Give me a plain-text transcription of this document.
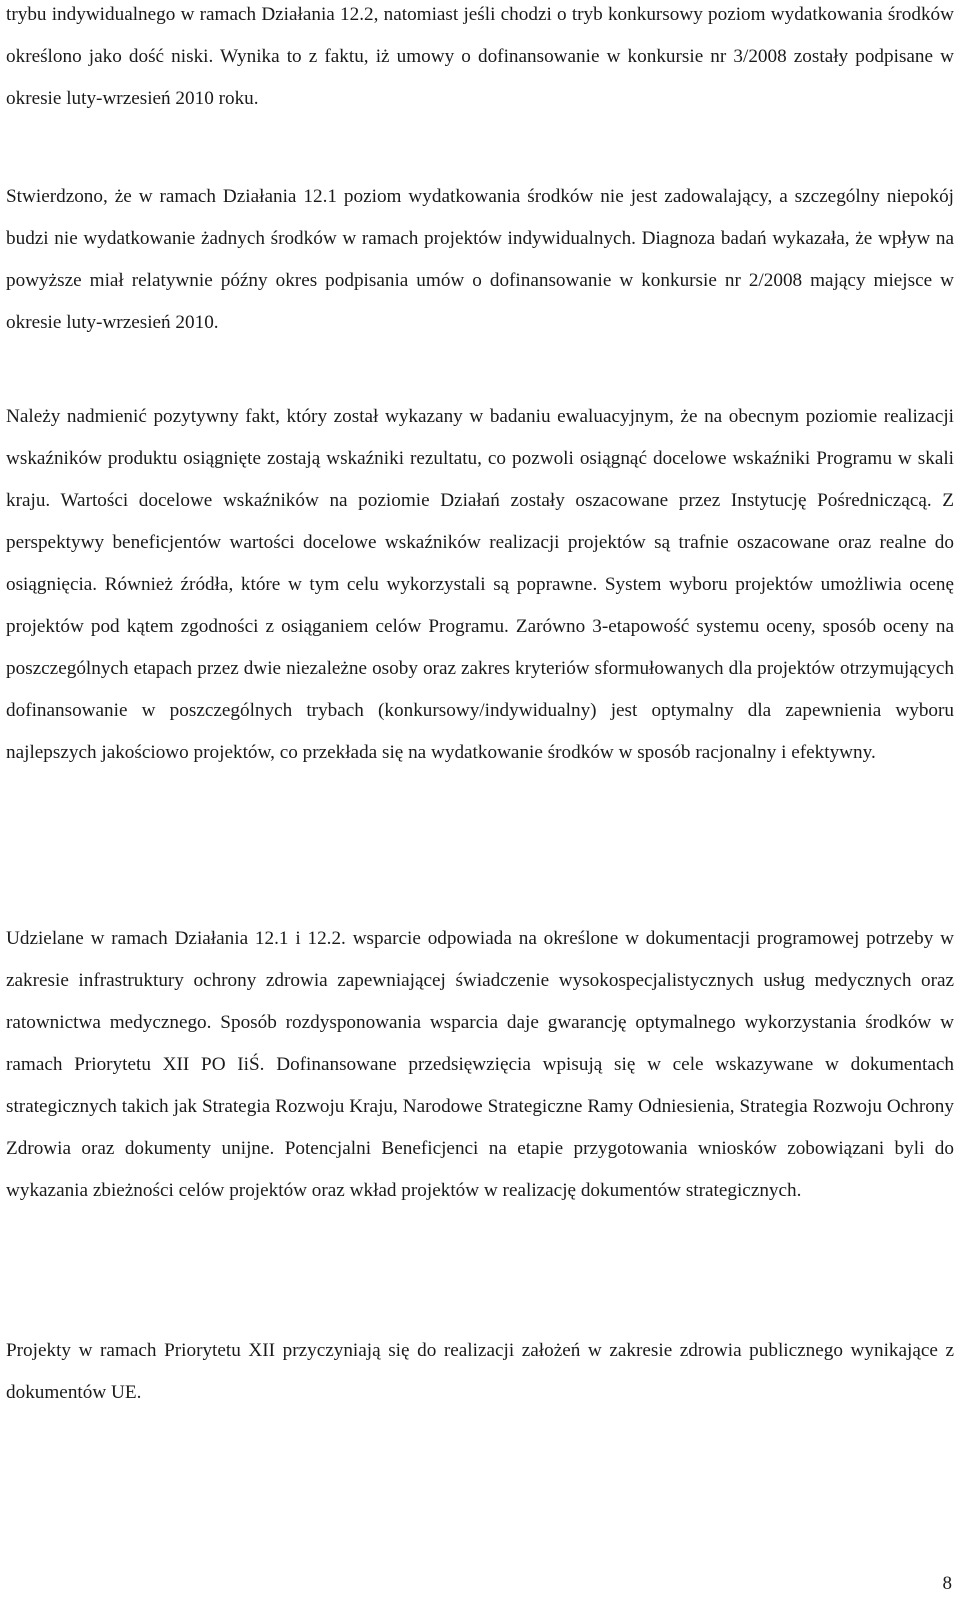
trybu indywidualnego w ramach Działania 12.2, natomiast jeśli chodzi o tryb konkursowy poziom wydatkowania środków określono jako dość niski. Wynika to z faktu, iż umowy o dofinansowanie w konkursie nr 3/2008 zostały podpisane w okresie luty-wrzesień 2010 roku.

Stwierdzono, że w ramach Działania 12.1 poziom wydatkowania środków nie jest zadowalający, a szczególny niepokój budzi nie wydatkowanie żadnych środków w ramach projektów indywidualnych. Diagnoza badań wykazała, że wpływ na powyższe miał relatywnie późny okres podpisania umów o dofinansowanie w konkursie nr 2/2008 mający miejsce w okresie luty-wrzesień 2010.

Należy nadmienić pozytywny fakt, który został wykazany w badaniu ewaluacyjnym, że na obecnym poziomie realizacji wskaźników produktu osiągnięte zostają wskaźniki rezultatu, co pozwoli osiągnąć docelowe wskaźniki Programu w skali kraju. Wartości docelowe wskaźników na poziomie Działań zostały oszacowane przez Instytucję Pośredniczącą. Z perspektywy beneficjentów wartości docelowe wskaźników realizacji projektów są trafnie oszacowane oraz realne do osiągnięcia. Również źródła, które w tym celu wykorzystali są poprawne. System wyboru projektów umożliwia ocenę projektów pod kątem zgodności z osiąganiem celów Programu. Zarówno 3-etapowość systemu oceny, sposób oceny na poszczególnych etapach przez dwie niezależne osoby oraz zakres kryteriów sformułowanych dla projektów otrzymujących dofinansowanie w poszczególnych trybach (konkursowy/indywidualny) jest optymalny dla zapewnienia wyboru najlepszych jakościowo projektów, co przekłada się na wydatkowanie środków w sposób racjonalny i efektywny.

Udzielane w ramach Działania 12.1 i 12.2. wsparcie odpowiada na określone w dokumentacji programowej potrzeby w zakresie infrastruktury ochrony zdrowia zapewniającej świadczenie wysokospecjalistycznych usług medycznych oraz ratownictwa medycznego. Sposób rozdysponowania wsparcia daje gwarancję optymalnego wykorzystania środków w ramach Priorytetu XII PO IiŚ. Dofinansowane przedsięwzięcia wpisują się w cele wskazywane w dokumentach strategicznych takich jak Strategia Rozwoju Kraju, Narodowe Strategiczne Ramy Odniesienia, Strategia Rozwoju Ochrony Zdrowia oraz dokumenty unijne. Potencjalni Beneficjenci na etapie przygotowania wniosków zobowiązani byli do wykazania zbieżności celów projektów oraz wkład projektów w realizację dokumentów strategicznych.

Projekty w ramach Priorytetu XII przyczyniają się do realizacji założeń w zakresie zdrowia publicznego wynikające z dokumentów UE.

8
